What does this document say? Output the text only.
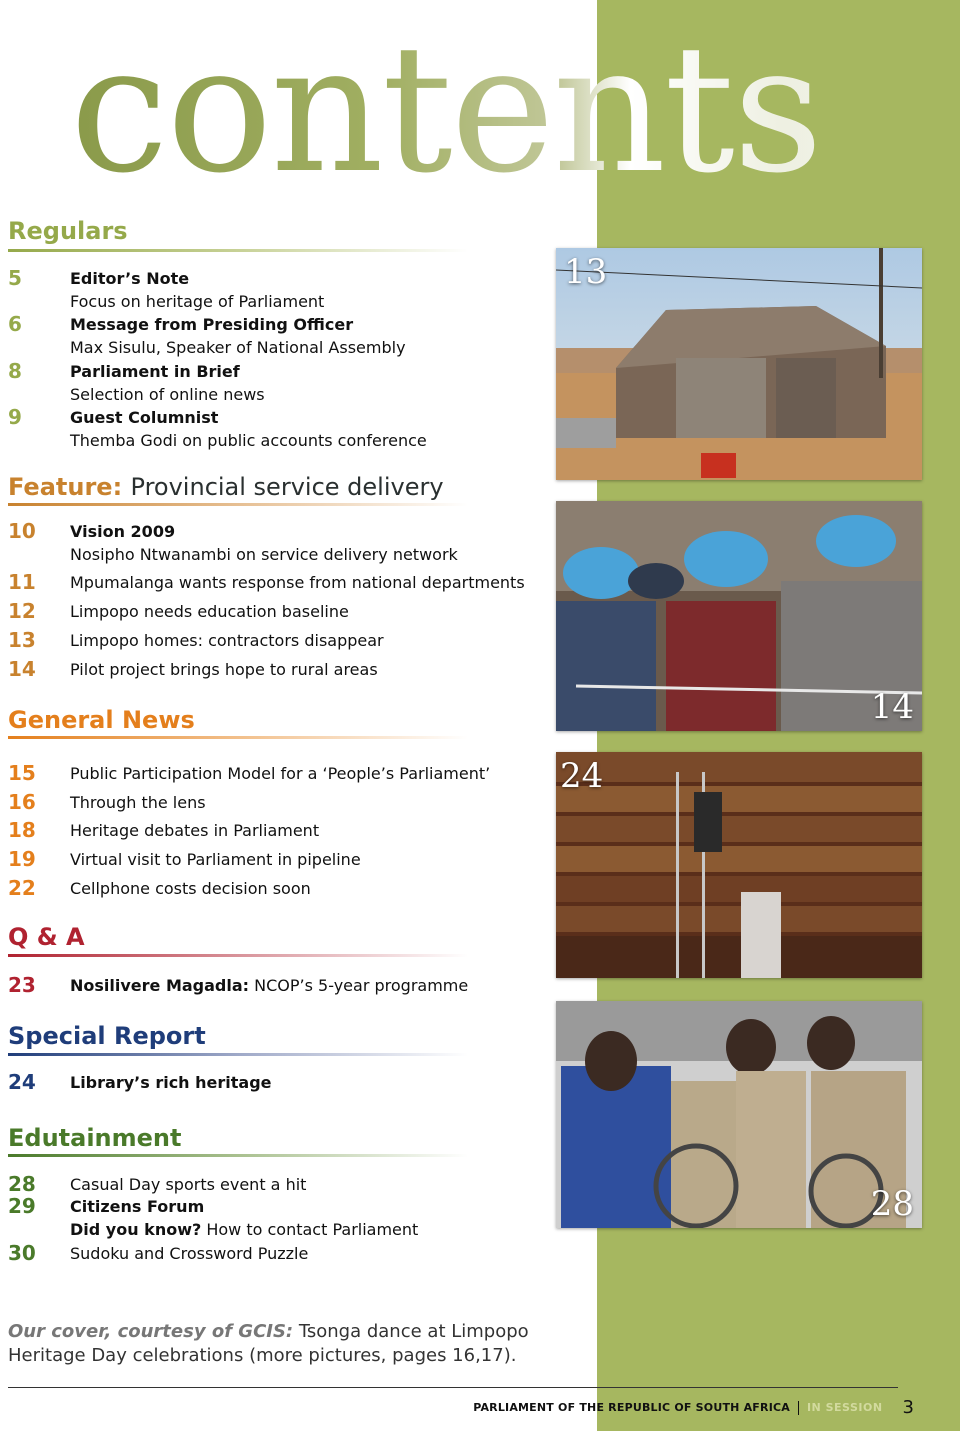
contents
Regulars
5	Editor’s Note
Focus on heritage of Parliament
6	Message from Presiding Officer
Max Sisulu, Speaker of National Assembly
8	Parliament in Brief
Selection of online news
9	Guest Columnist
Themba Godi on public accounts conference
Feature: Provincial service delivery
10 Vision 2009
Nosipho Ntwanambi on service delivery network
11 Mpumalanga wants response from national departments
12 Limpopo needs education baseline
13 Limpopo homes: contractors disappear
14 Pilot project brings hope to rural areas
General News
15 Public Participation Model for a ‘People’s Parliament’
16 Through the lens
18 Heritage debates in Parliament
19 Virtual visit to Parliament in pipeline
22 Cellphone costs decision soon
Q & A
23 Nosilivere Magadla: NCOP’s 5-year programme
Special Report
24 Library’s rich heritage
Edutainment
28 Casual Day sports event a hit
29 Citizens Forum
Did you know? How to contact Parliament
30 Sudoku and Crossword Puzzle
13
14
24
28
Our cover, courtesy of GCIS: Tsonga dance at Limpopo Heritage Day celebrations (more pictures, pages 16,17).
PARLIAMENT OF THE REPUBLIC OF SOUTH AFRICA IN SESSION 3
